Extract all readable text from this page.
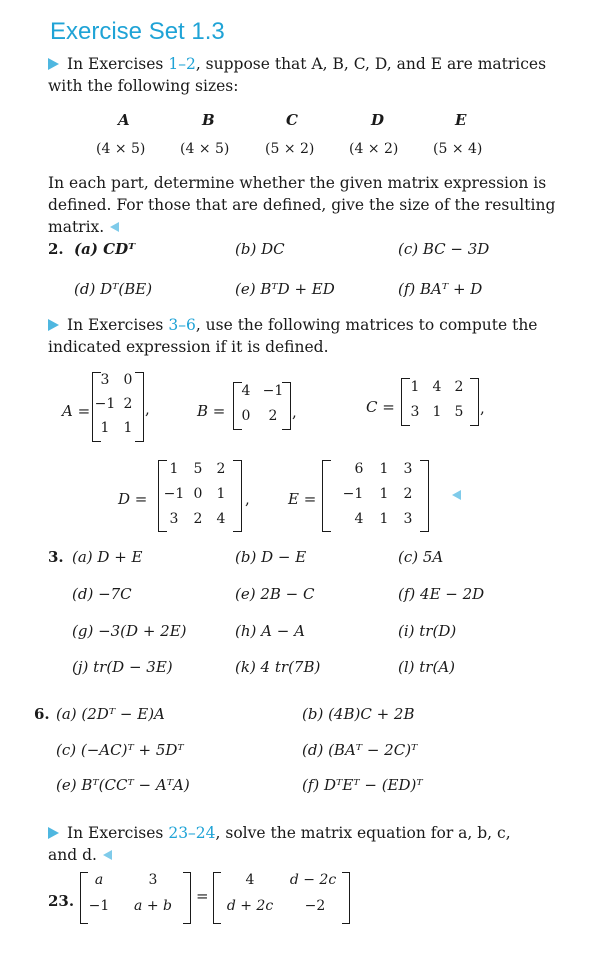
Exercise Set 1.3
In Exercises 1–2, suppose that A, B, C, D, and E are matrices
with the following sizes:
A	B	C	D	E
(4 × 5) (4 × 5)	(5 × 2) (4 × 2) (5 × 4)
In each part, determine whether the given matrix expression is
defined. For those that are defined, give the size of the resulting
matrix.
2. (a) CDᵀ	(b) DC	(c) BC − 3D
(d) Dᵀ(BE)	(e) BᵀD + ED	(f) BAᵀ + D
In Exercises 3–6, use the following matrices to compute the
indicated expression if it is defined.
A =
3	0
−1 2
1	1
,	B =
4 −1
0	2 ,	C =
1 4 2
3 1 5	,
D =
1	5	2
−1 0	1
3	2	4
,	E =
6	1	3
−1	1	2
4	1	3
3. (a) D + E	(b) D − E	(c) 5A
(d) −7C	(e) 2B − C	(f) 4E − 2D
(g) −3(D + 2E)	(h) A − A	(i) tr(D)
(j) tr(D − 3E)	(k) 4 tr(7B)	(l) tr(A)
6. (a) (2Dᵀ − E)A	(b) (4B)C + 2B
(c) (−AC)ᵀ + 5Dᵀ	(d) (BAᵀ − 2C)ᵀ
(e) Bᵀ(CCᵀ − AᵀA)	(f) DᵀEᵀ − (ED)ᵀ
In Exercises 23–24, solve the matrix equation for a, b, c,
and d.
23.
a	3
−1	a + b
=
4	d − 2c
d + 2c	−2
